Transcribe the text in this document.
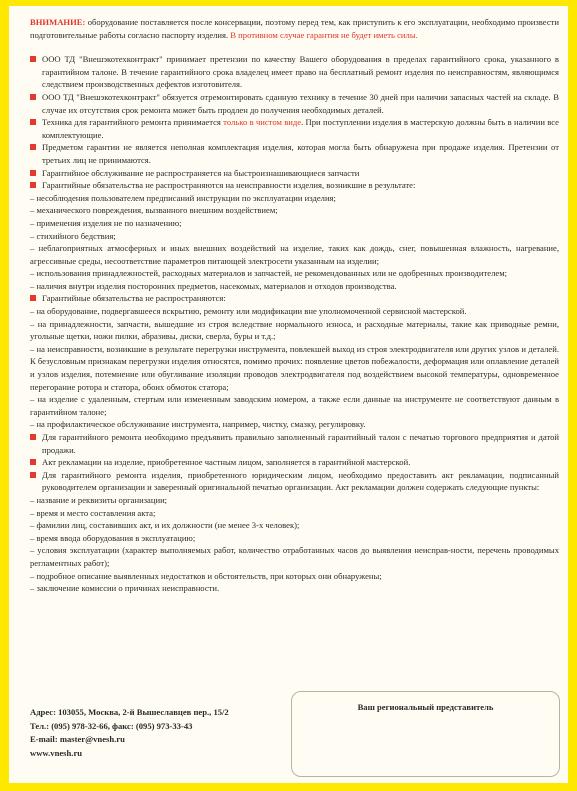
ВНИМАНИЕ: оборудование поставляется после консервации, поэтому перед тем, как приступить к его эксплуатации, необходимо произвести подготовительные работы согласно паспорту изделия. В противном случае гарантия не будет иметь силы.

ООО ТД "Внешэкотехконтракт" принимает претензии по качеству Вашего оборудования в пределах гарантийного срока, указанного в гарантийном талоне. В течение гарантийного срока владелец имеет право на бесплатный ремонт изделия по неисправностям, являющимся следствием производственных дефектов изготовителя.

ООО ТД "Внешэкотехконтракт" обязуется отремонтировать сданную технику в течение 30 дней при наличии запасных частей на складе. В случае их отсутствия срок ремонта может быть продлен до получения необходимых деталей.

Техника для гарантийного ремонта принимается только в чистом виде. При поступлении изделия в мастерскую должны быть в наличии все комплектующие.

Предметом гарантии не является неполная комплектация изделия, которая могла быть обнаружена при продаже изделия. Претензии от третьих лиц не принимаются.

Гарантийное обслуживание не распространяется на быстроизнашивающиеся запчасти

Гарантийные обязательства не распространяются на неисправности изделия, возникшие в результате:

– несоблюдения пользователем предписаний инструкции по эксплуатации изделия;

– механического повреждения, вызванного внешним воздействием;

– применения изделия не по назначению;

– стихийного бедствия;

– неблагоприятных атмосферных и иных внешних воздействий на изделие, таких как дождь, снег, повышенная влажность, нагревание, агрессивные среды, несоответствие параметров питающей электросети указанным на изделии;

– использования принадлежностей, расходных материалов и запчастей, не рекомендованных или не одобренных производителем;

– наличия внутри изделия посторонних предметов, насекомых, материалов и отходов производства.

Гарантийные обязательства не распространяются:

– на оборудование, подвергавшееся вскрытию, ремонту или модификации вне уполномоченной сервисной мастерской.

– на принадлежности, запчасти, вышедшие из строя вследствие нормального износа, и расходные материалы, такие как приводные ремни, угольные щетки, ножи пилки, абразивы, диски, сверла, буры и т.д.;

– на неисправности, возникшие в результате перегрузки инструмента, повлекшей выход из строя электродвигателя или других узлов и деталей. К безусловным признакам перегрузки изделия относятся, помимо прочих: появление цветов побежалости, деформация или оплавление деталей и узлов изделия, потемнение или обугливание изоляции проводов электродвигателя под воздействием высокой температуры, одновременное перегорание ротора и статора, обоих обмоток статора;

– на изделие с удаленным, стертым или измененным заводским номером, а также если данные на инструменте не соответствуют данным в гарантийном талоне;

– на профилактическое обслуживание инструмента, например, чистку, смазку, регулировку.

Для гарантийного ремонта необходимо предъявить правильно заполненный гарантийный талон с печатью торгового предприятия и датой продажи.

Акт рекламации на изделие, приобретенное частным лицом, заполняется в гарантийной мастерской.

Для гарантийного ремонта изделия, приобретенного юридическим лицом, необходимо предоставить акт рекламации, подписанный руководителем организации и заверенный оригинальной печатью организации. Акт рекламации должен содержать следующие пункты:

– название и реквизиты организации;

– время и место составления акта;

– фамилии лиц, составивших акт, и их должности (не менее 3-х человек);

– время ввода оборудования в эксплуатацию;

– условия эксплуатации (характер выполняемых работ, количество отработанных часов до выявления неисправ-ности, перечень проводимых регламентных работ);

– подробное описание выявленных недостатков и обстоятельств, при которых они обнаружены;

– заключение комиссии о причинах неисправности.

Адрес: 103055, Москва, 2-й Вышеславцев пер., 15/2
Тел.: (095) 978-32-66, факс: (095) 973-33-43
E-mail: master@vnesh.ru
www.vnesh.ru
Ваш региональный представитель
